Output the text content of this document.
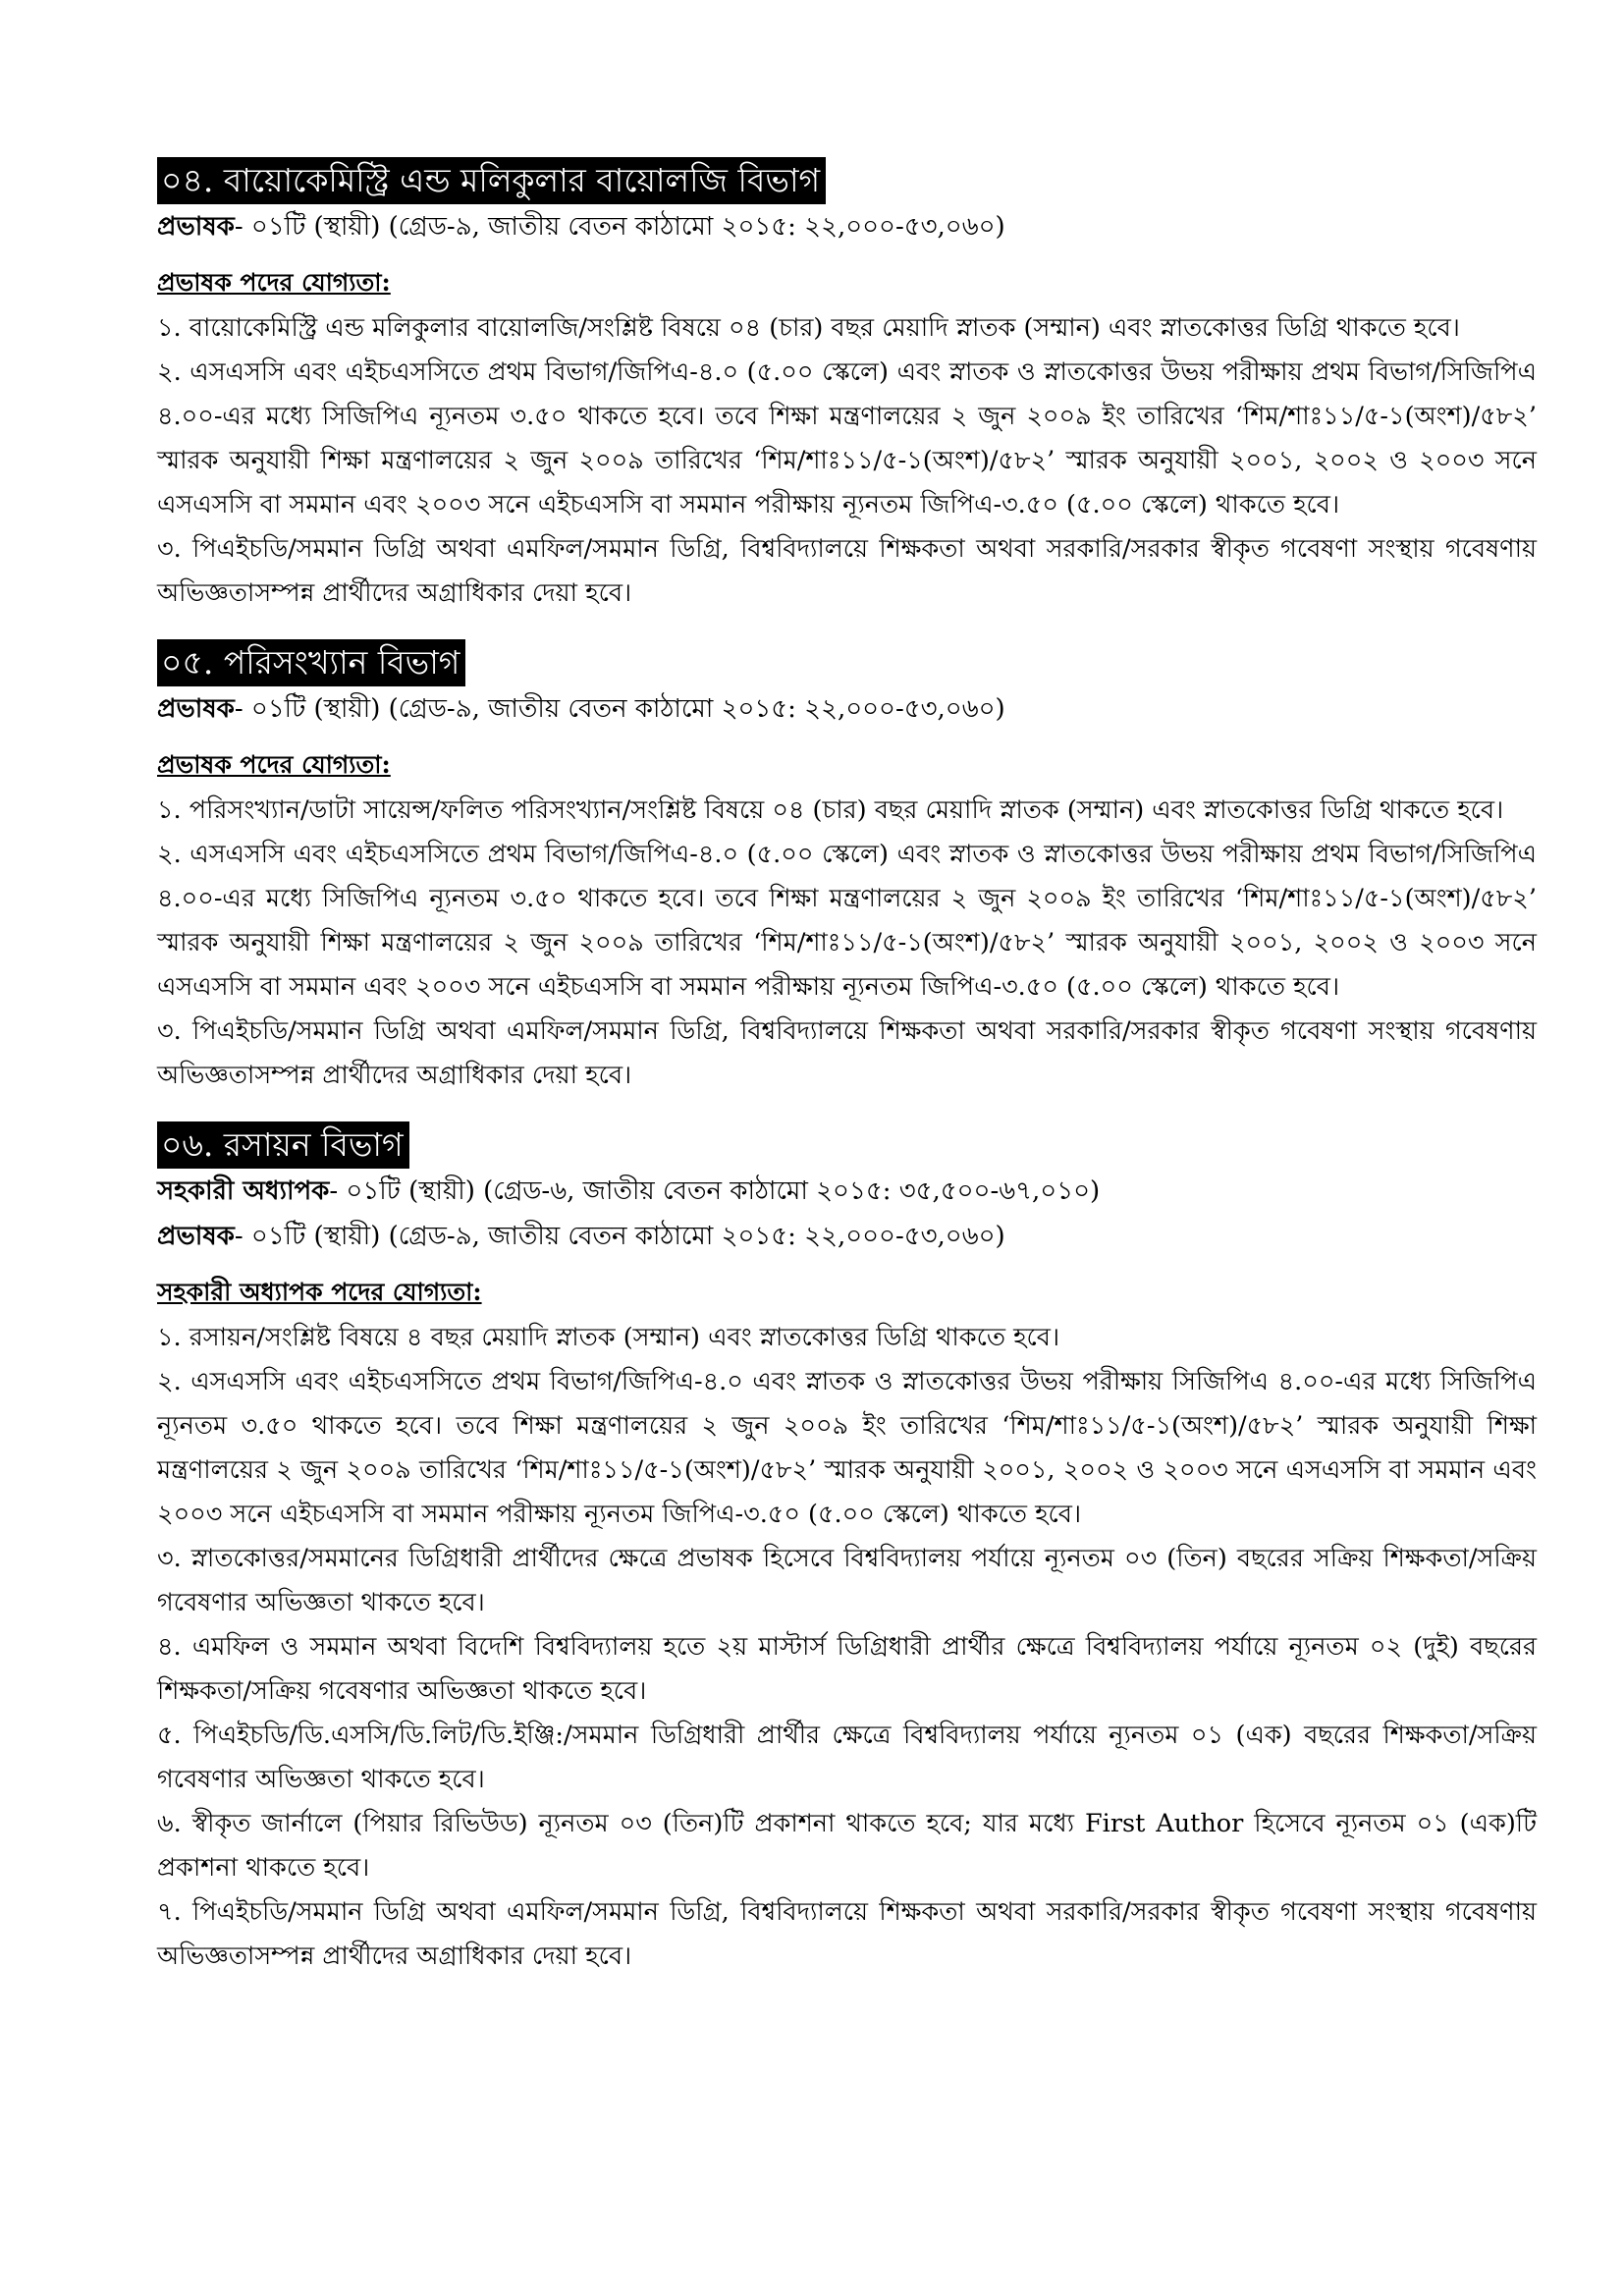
০৪. বায়োকেমিস্ট্রি এন্ড মলিকুলার বায়োলজি বিভাগ

প্রভাষক- ০১টি (স্থায়ী) (গ্রেড-৯, জাতীয় বেতন কাঠামো ২০১৫: ২২,০০০-৫৩,০৬০)

প্রভাষক পদের যোগ্যতা:

১. বায়োকেমিস্ট্রি এন্ড মলিকুলার বায়োলজি/সংশ্লিষ্ট বিষয়ে ০৪ (চার) বছর মেয়াদি স্নাতক (সম্মান) এবং স্নাতকোত্তর ডিগ্রি থাকতে হবে।

২. এসএসসি এবং এইচএসসিতে প্রথম বিভাগ/জিপিএ-৪.০ (৫.০০ স্কেলে) এবং স্নাতক ও স্নাতকোত্তর উভয় পরীক্ষায় প্রথম বিভাগ/সিজিপিএ ৪.০০-এর মধ্যে সিজিপিএ ন্যূনতম ৩.৫০ থাকতে হবে। তবে শিক্ষা মন্ত্রণালয়ের ২ জুন ২০০৯ ইং তারিখের ‘শিম/শাঃ১১/৫-১(অংশ)/৫৮২’ স্মারক অনুযায়ী শিক্ষা মন্ত্রণালয়ের ২ জুন ২০০৯ তারিখের ‘শিম/শাঃ১১/৫-১(অংশ)/৫৮২’ স্মারক অনুযায়ী ২০০১, ২০০২ ও ২০০৩ সনে এসএসসি বা সমমান এবং ২০০৩ সনে এইচএসসি বা সমমান পরীক্ষায় ন্যূনতম জিপিএ-৩.৫০ (৫.০০ স্কেলে) থাকতে হবে।

৩. পিএইচডি/সমমান ডিগ্রি অথবা এমফিল/সমমান ডিগ্রি, বিশ্ববিদ্যালয়ে শিক্ষকতা অথবা সরকারি/সরকার স্বীকৃত গবেষণা সংস্থায় গবেষণায় অভিজ্ঞতাসম্পন্ন প্রার্থীদের অগ্রাধিকার দেয়া হবে।

০৫. পরিসংখ্যান বিভাগ

প্রভাষক- ০১টি (স্থায়ী) (গ্রেড-৯, জাতীয় বেতন কাঠামো ২০১৫: ২২,০০০-৫৩,০৬০)

প্রভাষক পদের যোগ্যতা:

১. পরিসংখ্যান/ডাটা সায়েন্স/ফলিত পরিসংখ্যান/সংশ্লিষ্ট বিষয়ে ০৪ (চার) বছর মেয়াদি স্নাতক (সম্মান) এবং স্নাতকোত্তর ডিগ্রি থাকতে হবে।

২. এসএসসি এবং এইচএসসিতে প্রথম বিভাগ/জিপিএ-৪.০ (৫.০০ স্কেলে) এবং স্নাতক ও স্নাতকোত্তর উভয় পরীক্ষায় প্রথম বিভাগ/সিজিপিএ ৪.০০-এর মধ্যে সিজিপিএ ন্যূনতম ৩.৫০ থাকতে হবে। তবে শিক্ষা মন্ত্রণালয়ের ২ জুন ২০০৯ ইং তারিখের ‘শিম/শাঃ১১/৫-১(অংশ)/৫৮২’ স্মারক অনুযায়ী শিক্ষা মন্ত্রণালয়ের ২ জুন ২০০৯ তারিখের ‘শিম/শাঃ১১/৫-১(অংশ)/৫৮২’ স্মারক অনুযায়ী ২০০১, ২০০২ ও ২০০৩ সনে এসএসসি বা সমমান এবং ২০০৩ সনে এইচএসসি বা সমমান পরীক্ষায় ন্যূনতম জিপিএ-৩.৫০ (৫.০০ স্কেলে) থাকতে হবে।

৩. পিএইচডি/সমমান ডিগ্রি অথবা এমফিল/সমমান ডিগ্রি, বিশ্ববিদ্যালয়ে শিক্ষকতা অথবা সরকারি/সরকার স্বীকৃত গবেষণা সংস্থায় গবেষণায় অভিজ্ঞতাসম্পন্ন প্রার্থীদের অগ্রাধিকার দেয়া হবে।

০৬. রসায়ন বিভাগ

সহকারী অধ্যাপক- ০১টি (স্থায়ী) (গ্রেড-৬, জাতীয় বেতন কাঠামো ২০১৫: ৩৫,৫০০-৬৭,০১০)

প্রভাষক- ০১টি (স্থায়ী) (গ্রেড-৯, জাতীয় বেতন কাঠামো ২০১৫: ২২,০০০-৫৩,০৬০)

সহকারী অধ্যাপক পদের যোগ্যতা:

১. রসায়ন/সংশ্লিষ্ট বিষয়ে ৪ বছর মেয়াদি স্নাতক (সম্মান) এবং স্নাতকোত্তর ডিগ্রি থাকতে হবে।

২. এসএসসি এবং এইচএসসিতে প্রথম বিভাগ/জিপিএ-৪.০ এবং স্নাতক ও স্নাতকোত্তর উভয় পরীক্ষায় সিজিপিএ ৪.০০-এর মধ্যে সিজিপিএ ন্যূনতম ৩.৫০ থাকতে হবে। তবে শিক্ষা মন্ত্রণালয়ের ২ জুন ২০০৯ ইং তারিখের ‘শিম/শাঃ১১/৫-১(অংশ)/৫৮২’ স্মারক অনুযায়ী শিক্ষা মন্ত্রণালয়ের ২ জুন ২০০৯ তারিখের ‘শিম/শাঃ১১/৫-১(অংশ)/৫৮২’ স্মারক অনুযায়ী ২০০১, ২০০২ ও ২০০৩ সনে এসএসসি বা সমমান এবং ২০০৩ সনে এইচএসসি বা সমমান পরীক্ষায় ন্যূনতম জিপিএ-৩.৫০ (৫.০০ স্কেলে) থাকতে হবে।

৩. স্নাতকোত্তর/সমমানের ডিগ্রিধারী প্রার্থীদের ক্ষেত্রে প্রভাষক হিসেবে বিশ্ববিদ্যালয় পর্যায়ে ন্যূনতম ০৩ (তিন) বছরের সক্রিয় শিক্ষকতা/সক্রিয় গবেষণার অভিজ্ঞতা থাকতে হবে।

৪. এমফিল ও সমমান অথবা বিদেশি বিশ্ববিদ্যালয় হতে ২য় মাস্টার্স ডিগ্রিধারী প্রার্থীর ক্ষেত্রে বিশ্ববিদ্যালয় পর্যায়ে ন্যূনতম ০২ (দুই) বছরের শিক্ষকতা/সক্রিয় গবেষণার অভিজ্ঞতা থাকতে হবে।

৫. পিএইচডি/ডি.এসসি/ডি.লিট/ডি.ইঞ্জি:/সমমান ডিগ্রিধারী প্রার্থীর ক্ষেত্রে বিশ্ববিদ্যালয় পর্যায়ে ন্যূনতম ০১ (এক) বছরের শিক্ষকতা/সক্রিয় গবেষণার অভিজ্ঞতা থাকতে হবে।

৬. স্বীকৃত জার্নালে (পিয়ার রিভিউড) ন্যূনতম ০৩ (তিন)টি প্রকাশনা থাকতে হবে; যার মধ্যে First Author হিসেবে ন্যূনতম ০১ (এক)টি প্রকাশনা থাকতে হবে।

৭. পিএইচডি/সমমান ডিগ্রি অথবা এমফিল/সমমান ডিগ্রি, বিশ্ববিদ্যালয়ে শিক্ষকতা অথবা সরকারি/সরকার স্বীকৃত গবেষণা সংস্থায় গবেষণায় অভিজ্ঞতাসম্পন্ন প্রার্থীদের অগ্রাধিকার দেয়া হবে।
